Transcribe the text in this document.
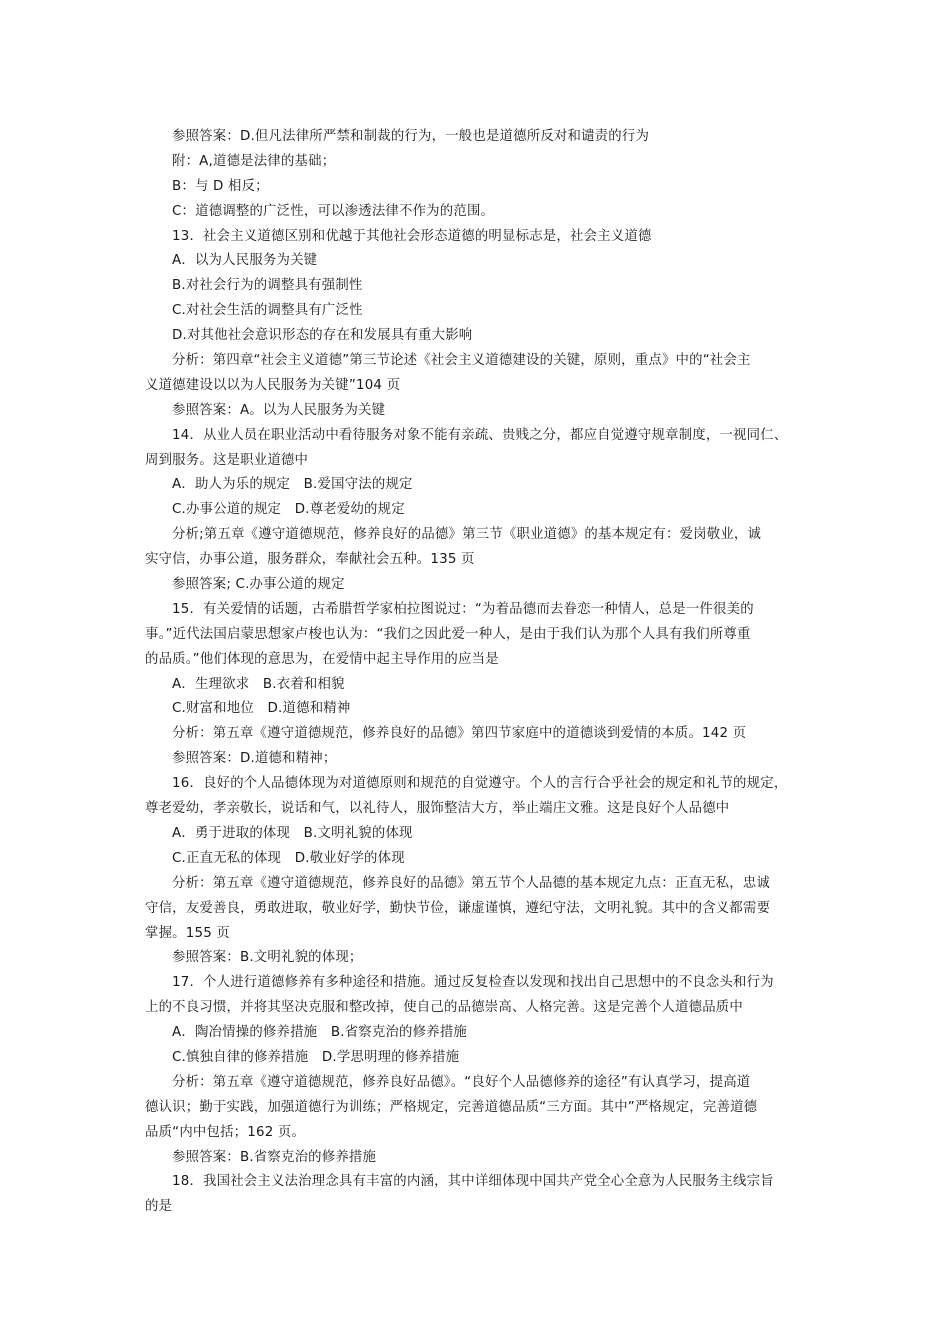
参照答案：D.但凡法律所严禁和制裁的行为，一般也是道德所反对和谴责的行为
附：A,道德是法律的基础；
B：与 D 相反；
C：道德调整的广泛性，可以渗透法律不作为的范围。
13．社会主义道德区别和优越于其他社会形态道德的明显标志是，社会主义道德
A．以为人民服务为关键
B.对社会行为的调整具有强制性
C.对社会生活的调整具有广泛性
D.对其他社会意识形态的存在和发展具有重大影响
分析：第四章“社会主义道德”第三节论述《社会主义道德建设的关键，原则，重点》中的“社会主
义道德建设以以为人民服务为关键”104 页
参照答案：A。以为人民服务为关键
14．从业人员在职业活动中看待服务对象不能有亲疏、贵贱之分，都应自觉遵守规章制度，一视同仁、
周到服务。这是职业道德中
A．助人为乐的规定　B.爱国守法的规定
C.办事公道的规定　D.尊老爱幼的规定
分析;第五章《遵守道德规范，修养良好的品德》第三节《职业道德》的基本规定有：爱岗敬业，诚
实守信，办事公道，服务群众，奉献社会五种。135 页
参照答案; C.办事公道的规定
15．有关爱情的话题，古希腊哲学家柏拉图说过：“为着品德而去眷恋一种情人，总是一件很美的
事。”近代法国启蒙思想家卢梭也认为：“我们之因此爱一种人，是由于我们认为那个人具有我们所尊重
的品质。”他们体现的意思为，在爱情中起主导作用的应当是
A．生理欲求　B.衣着和相貌
C.财富和地位　D.道德和精神
分析：第五章《遵守道德规范，修养良好的品德》第四节家庭中的道德谈到爱情的本质。142 页
参照答案：D.道德和精神；
16．良好的个人品德体现为对道德原则和规范的自觉遵守。个人的言行合乎社会的规定和礼节的规定，
尊老爱幼，孝亲敬长，说话和气，以礼待人，服饰整洁大方，举止端庄文雅。这是良好个人品德中
A．勇于进取的体现　B.文明礼貌的体现
C.正直无私的体现　D.敬业好学的体现
分析：第五章《遵守道德规范，修养良好的品德》第五节个人品德的基本规定九点：正直无私，忠诚
守信，友爱善良，勇敢进取，敬业好学，勤快节俭，谦虚谨慎，遵纪守法，文明礼貌。其中的含义都需要
掌握。155 页
参照答案：B.文明礼貌的体现；
17．个人进行道德修养有多种途径和措施。通过反复检查以发现和找出自己思想中的不良念头和行为
上的不良习惯，并将其坚决克服和整改掉，使自己的品德崇高、人格完善。这是完善个人道德品质中
A．陶冶情操的修养措施　B.省察克治的修养措施
C.慎独自律的修养措施　D.学思明理的修养措施
分析：第五章《遵守道德规范，修养良好品德》。“良好个人品德修养的途径”有认真学习，提高道
德认识；勤于实践，加强道德行为训练；严格规定，完善道德品质“三方面。其中”严格规定，完善道德
品质“内中包括；162 页。
参照答案：B.省察克治的修养措施
18．我国社会主义法治理念具有丰富的内涵，其中详细体现中国共产党全心全意为人民服务主线宗旨
的是
